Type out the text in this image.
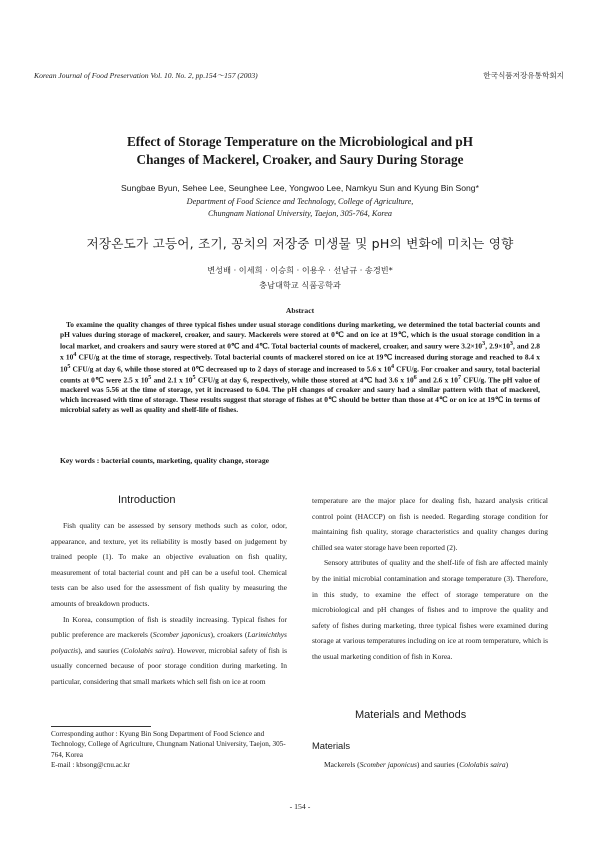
Korean Journal of Food Preservation Vol. 10. No. 2, pp.154～157 (2003)	한국식품저장유통학회지
Effect of Storage Temperature on the Microbiological and pH
Changes of Mackerel, Croaker, and Saury During Storage
Sungbae Byun, Sehee Lee, Seunghee Lee, Yongwoo Lee, Namkyu Sun and Kyung Bin Song*
Department of Food Science and Technology, College of Agriculture,
Chungnam National University, Taejon, 305-764, Korea
저장온도가 고등어, 조기, 꽁치의 저장중 미생물 및 pH의 변화에 미치는 영향
변성배 · 이세희 · 이승희 · 이용우 · 선남규 · 송경빈*
충남대학교 식품공학과
Abstract
To examine the quality changes of three typical fishes under usual storage conditions during marketing, we determined the total bacterial counts and pH values during storage of mackerel, croaker, and saury. Mackerels were stored at 0℃ and on ice at 19℃, which is the usual storage condition in a local market, and croakers and saury were stored at 0℃ and 4℃. Total bacterial counts of mackerel, croaker, and saury were $3.2\times 10^3$, $2.9\times 10^3$, and 2.8 x $10^4$ CFU/g at the time of storage, respectively. Total bacterial counts of mackerel stored on ice at 19℃ increased during storage and reached to 8.4 x $10^5$ CFU/g at day 6, while those stored at 0℃ decreased up to 2 days of storage and increased to 5.6 x $10^4$ CFU/g. For croaker and saury, total bacterial counts at 0℃ were 2.5 x $10^5$ and 2.1 x $10^5$ CFU/g at day 6, respectively, while those stored at 4℃ had 3.6 x $10^6$ and 2.6 x $10^7$ CFU/g. The pH value of mackerel was 5.56 at the time of storage, yet it increased to 6.04. The pH changes of croaker and saury had a similar pattern with that of mackerel, which increased with time of storage. These results suggest that storage of fishes at 0℃ should be better than those at 4℃ or on ice at 19℃ in terms of microbial safety as well as quality and shelf-life of fishes.
Key words : bacterial counts, marketing, quality change, storage
Introduction

Fish quality can be assessed by sensory methods such as color, odor, appearance, and texture, yet its reliability is mostly based on judgement by trained people (1). To make an objective evaluation on fish quality, measurement of total bacterial count and pH can be a useful tool. Chemical tests can be also used for the assessment of fish quality by measuring the amounts of breakdown products.

In Korea, consumption of fish is steadily increasing. Typical fishes for public preference are mackerels (Scomber japonicus), croakers (Larimichthys polyactis), and sauries (Cololabis saira). However, microbial safety of fish is usually concerned because of poor storage condition during marketing. In particular, considering that small markets which sell fish on ice at room

Corresponding author : Kyung Bin Song Department of Food Science and Technology, College of Agriculture, Chungnam National University, Taejon, 305-764, Korea
E-mail : kbsong@cnu.ac.kr

temperature are the major place for dealing fish, hazard analysis critical control point (HACCP) on fish is needed. Regarding storage condition for maintaining fish quality, storage characteristics and quality changes during chilled sea water storage have been reported (2).

Sensory attributes of quality and the shelf-life of fish are affected mainly by the initial microbial contamination and storage temperature (3). Therefore, in this study, to examine the effect of storage temperature on the microbiological and pH changes of fishes and to improve the quality and safety of fishes during marketing, three typical fishes were examined during storage at various temperatures including on ice at room temperature, which is the usual marketing condition of fish in Korea.

Materials and Methods
Materials

Mackerels (Scomber japonicus) and sauries (Cololabis saira)

- 154 -
